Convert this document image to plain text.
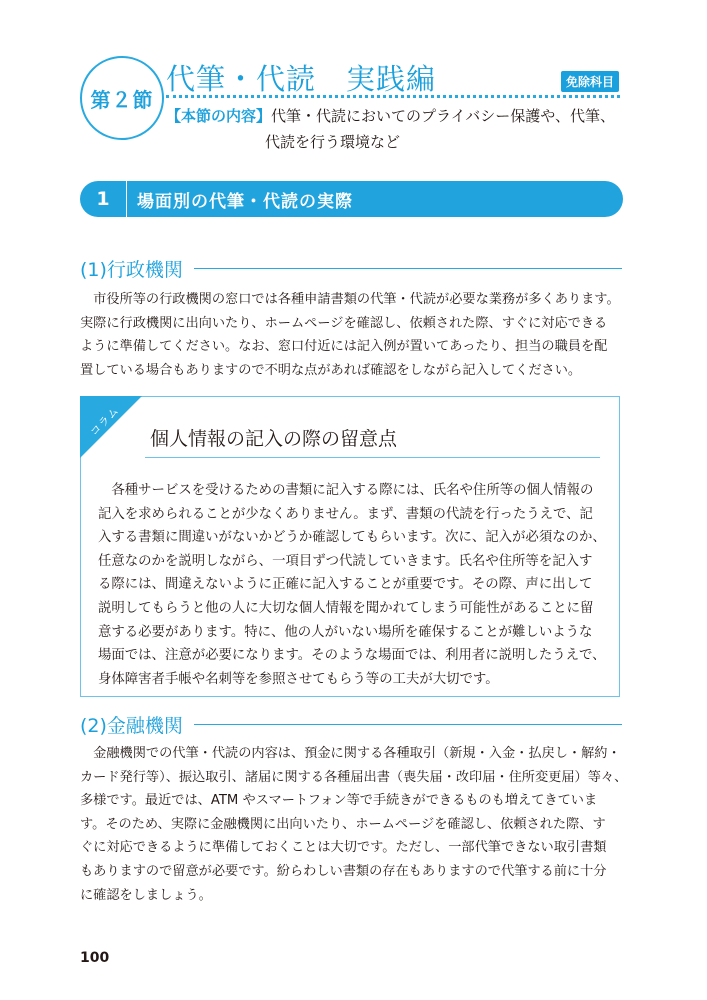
第２節
代筆・代読　実践編	免除科目
【本節の内容】代筆・代読においてのプライバシー保護や、代筆、
代読を行う環境など
1	場面別の代筆・代読の実際
(1)行政機関
　市役所等の行政機関の窓口では各種申請書類の代筆・代読が必要な業務が多くあります。
実際に行政機関に出向いたり、ホームページを確認し、依頼された際、すぐに対応できる
ように準備してください。なお、窓口付近には記入例が置いてあったり、担当の職員を配
置している場合もありますので不明な点があれば確認をしながら記入してください。
コラム
個人情報の記入の際の留意点
　各種サービスを受けるための書類に記入する際には、氏名や住所等の個人情報の
記入を求められることが少なくありません。まず、書類の代読を行ったうえで、記
入する書類に間違いがないかどうか確認してもらいます。次に、記入が必須なのか、
任意なのかを説明しながら、一項目ずつ代読していきます。氏名や住所等を記入す
る際には、間違えないように正確に記入することが重要です。その際、声に出して
説明してもらうと他の人に大切な個人情報を聞かれてしまう可能性があることに留
意する必要があります。特に、他の人がいない場所を確保することが難しいような
場面では、注意が必要になります。そのような場面では、利用者に説明したうえで、
身体障害者手帳や名刺等を参照させてもらう等の工夫が大切です。
(2)金融機関
　金融機関での代筆・代読の内容は、預金に関する各種取引（新規・入金・払戻し・解約・
カード発行等）、振込取引、諸届に関する各種届出書（喪失届・改印届・住所変更届）等々、
多様です。最近では、ATM やスマートフォン等で手続きができるものも増えてきていま
す。そのため、実際に金融機関に出向いたり、ホームページを確認し、依頼された際、す
ぐに対応できるように準備しておくことは大切です。ただし、一部代筆できない取引書類
もありますので留意が必要です。紛らわしい書類の存在もありますので代筆する前に十分
に確認をしましょう。
100
